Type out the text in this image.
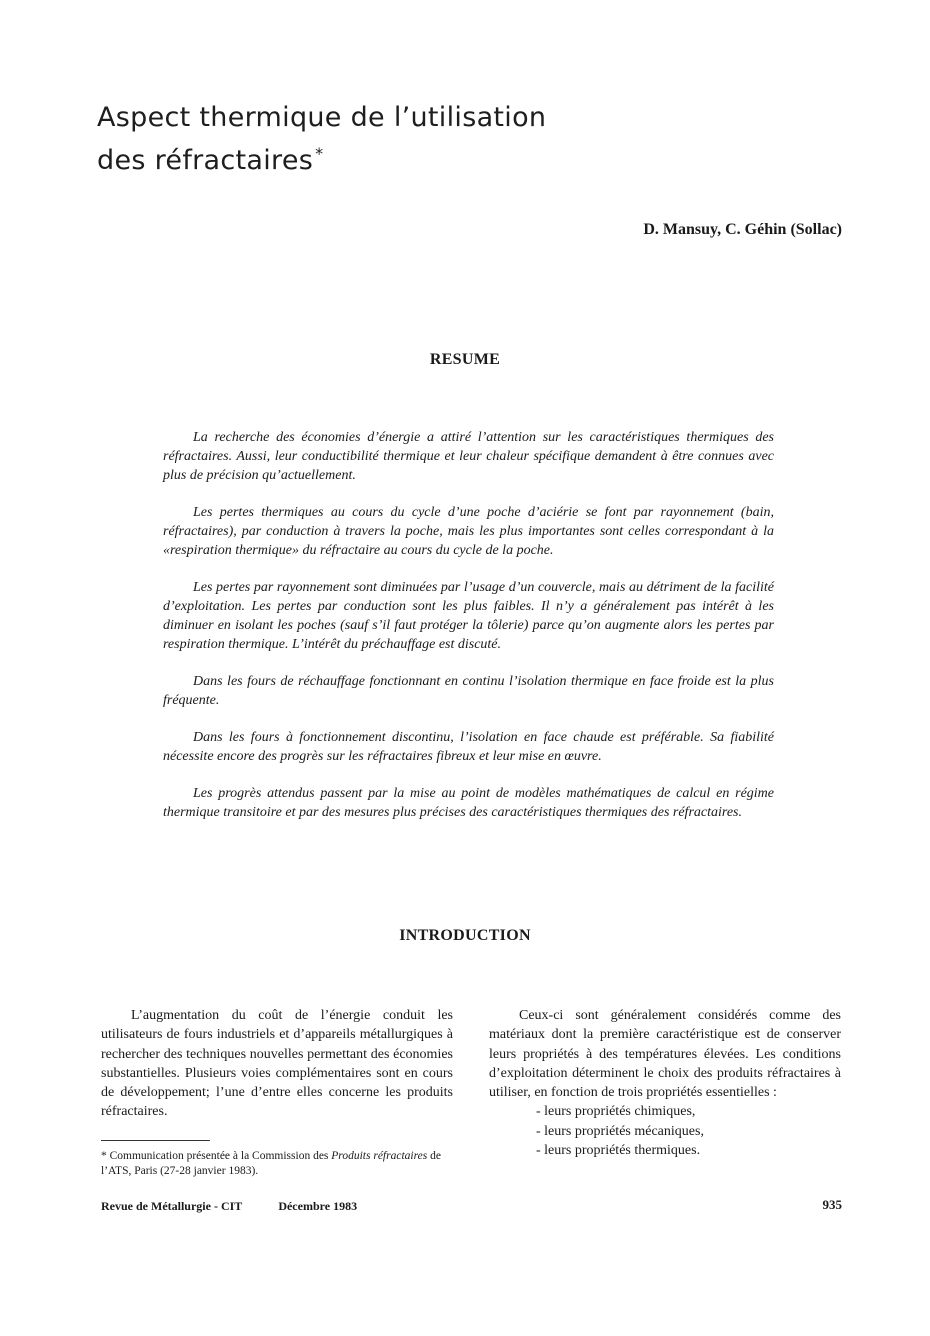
Aspect thermique de l’utilisation
des réfractaires *
D. Mansuy, C. Géhin (Sollac)
RESUME

La recherche des économies d’énergie a attiré l’attention sur les caractéristiques thermiques des réfractaires. Aussi, leur conductibilité thermique et leur chaleur spécifique demandent à être connues avec plus de précision qu’actuellement.

Les pertes thermiques au cours du cycle d’une poche d’aciérie se font par rayonnement (bain, réfractaires), par conduction à travers la poche, mais les plus importantes sont celles correspondant à la «respiration thermique» du réfractaire au cours du cycle de la poche.

Les pertes par rayonnement sont diminuées par l’usage d’un couvercle, mais au détriment de la facilité d’exploitation. Les pertes par conduction sont les plus faibles. Il n’y a généralement pas intérêt à les diminuer en isolant les poches (sauf s’il faut protéger la tôlerie) parce qu’on augmente alors les pertes par respiration thermique. L’intérêt du préchauffage est discuté.

Dans les fours de réchauffage fonctionnant en continu l’isolation thermique en face froide est la plus fréquente.

Dans les fours à fonctionnement discontinu, l’isolation en face chaude est préférable. Sa fiabilité nécessite encore des progrès sur les réfractaires fibreux et leur mise en œuvre.

Les progrès attendus passent par la mise au point de modèles mathématiques de calcul en régime thermique transitoire et par des mesures plus précises des caractéristiques thermiques des réfractaires.

INTRODUCTION

L’augmentation du coût de l’énergie conduit les utilisateurs de fours industriels et d’appareils métallurgiques à rechercher des techniques nouvelles permettant des économies substantielles. Plusieurs voies complémentaires sont en cours de développement; l’une d’entre elles concerne les produits réfractaires.

Ceux-ci sont généralement considérés comme des matériaux dont la première caractéristique est de conserver leurs propriétés à des températures élevées. Les conditions d’exploitation déterminent le choix des produits réfractaires à utiliser, en fonction de trois propriétés essentielles :

- leurs propriétés chimiques,
- leurs propriétés mécaniques,
- leurs propriétés thermiques.
* Communication présentée à la Commission des Produits réfractaires de l’ATS, Paris (27-28 janvier 1983).
Revue de Métallurgie - CIT	Décembre 1983	935
